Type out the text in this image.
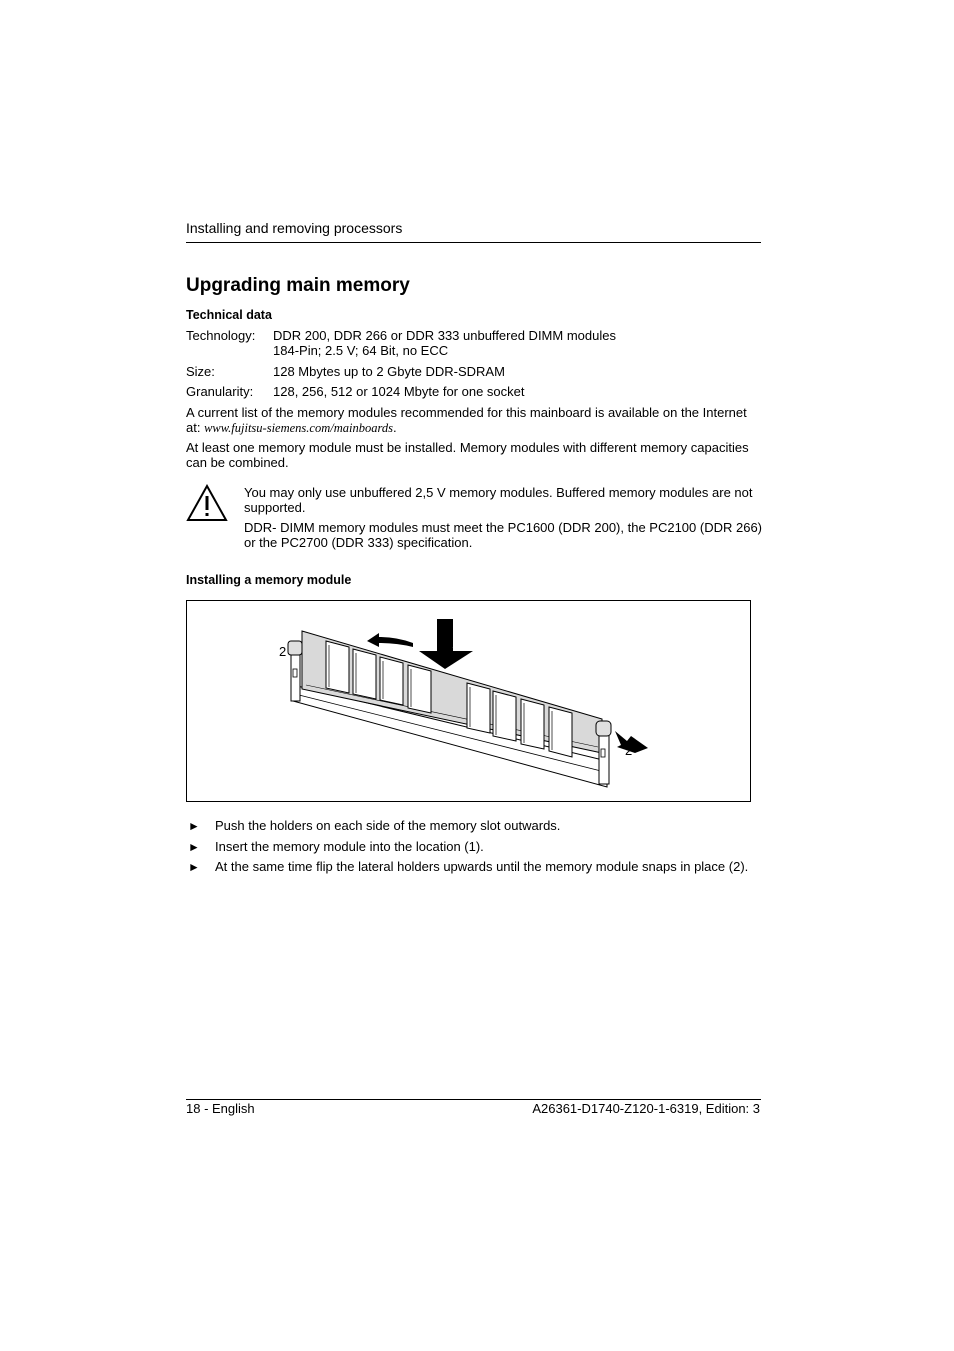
Installing and removing processors
Upgrading main memory
Technical data
Technology: DDR 200, DDR 266 or DDR 333 unbuffered DIMM modules
184-Pin; 2.5 V; 64 Bit, no ECC
Size:	128 Mbytes up to 2 Gbyte DDR-SDRAM
Granularity: 128, 256, 512 or 1024 Mbyte for one socket
A current list of the memory modules recommended for this mainboard is available on the Internet
at: www.fujitsu-siemens.com/mainboards.
At least one memory module must be installed. Memory modules with different memory capacities
can be combined.
You may only use unbuffered 2,5 V memory modules. Buffered memory modules are not
supported.
DDR- DIMM memory modules must meet the PC1600 (DDR 200), the PC2100 (DDR 266)
or the PC2700 (DDR 333) specification.
Installing a memory module
1
2
2
► Push the holders on each side of the memory slot outwards.
► Insert the memory module into the location (1).
► At the same time flip the lateral holders upwards until the memory module snaps in place (2).
18 - English	A26361-D1740-Z120-1-6319, Edition: 3
